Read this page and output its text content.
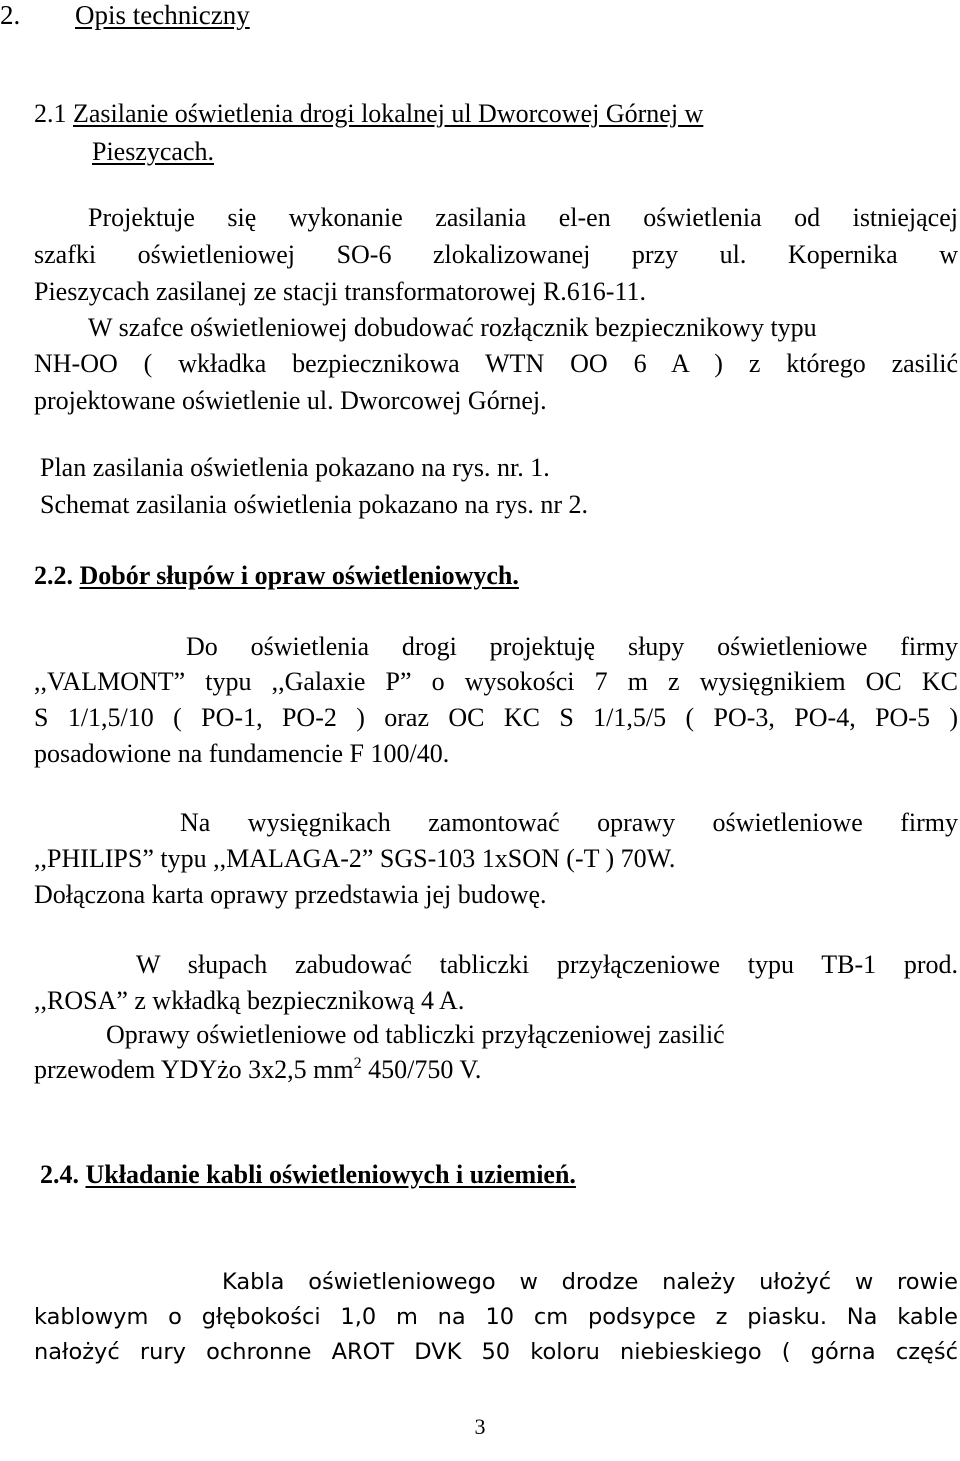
2. Opis techniczny
2.1 Zasilanie oświetlenia drogi lokalnej ul Dworcowej Górnej w
Pieszycach.
Projektuje się wykonanie zasilania el-en oświetlenia od istniejącej
szafki oświetleniowej SO-6 zlokalizowanej przy ul. Kopernika w
Pieszycach zasilanej ze stacji transformatorowej R.616-11.
W szafce oświetleniowej dobudować rozłącznik bezpiecznikowy typu
NH-OO ( wkładka bezpiecznikowa WTN OO 6 A ) z którego zasilić
projektowane oświetlenie ul. Dworcowej Górnej.
Plan zasilania oświetlenia pokazano na rys. nr. 1.
Schemat zasilania oświetlenia pokazano na rys. nr 2.
2.2. Dobór słupów i opraw oświetleniowych.
Do oświetlenia drogi projektuję słupy oświetleniowe firmy
,,VALMONT” typu ,,Galaxie P” o wysokości 7 m z wysięgnikiem OC KC
S 1/1,5/10 ( PO-1, PO-2 ) oraz OC KC S 1/1,5/5 ( PO-3, PO-4, PO-5 )
posadowione na fundamencie F 100/40.
Na wysięgnikach zamontować oprawy oświetleniowe firmy
,,PHILIPS” typu ,,MALAGA-2” SGS-103 1xSON (-T ) 70W.
Dołączona karta oprawy przedstawia jej budowę.
W słupach zabudować tabliczki przyłączeniowe typu TB-1 prod.
,,ROSA” z wkładką bezpiecznikową 4 A.
Oprawy oświetleniowe od tabliczki przyłączeniowej zasilić
przewodem YDYżo 3x2,5 $mm^2$ 450/750 V.
2.4. Układanie kabli oświetleniowych i uziemień.
Kabla oświetleniowego w drodze należy ułożyć w rowie
kablowym o głębokości 1,0 m na 10 cm podsypce z piasku. Na kable
nałożyć rury ochronne AROT DVK 50 koloru niebieskiego ( górna część
3
